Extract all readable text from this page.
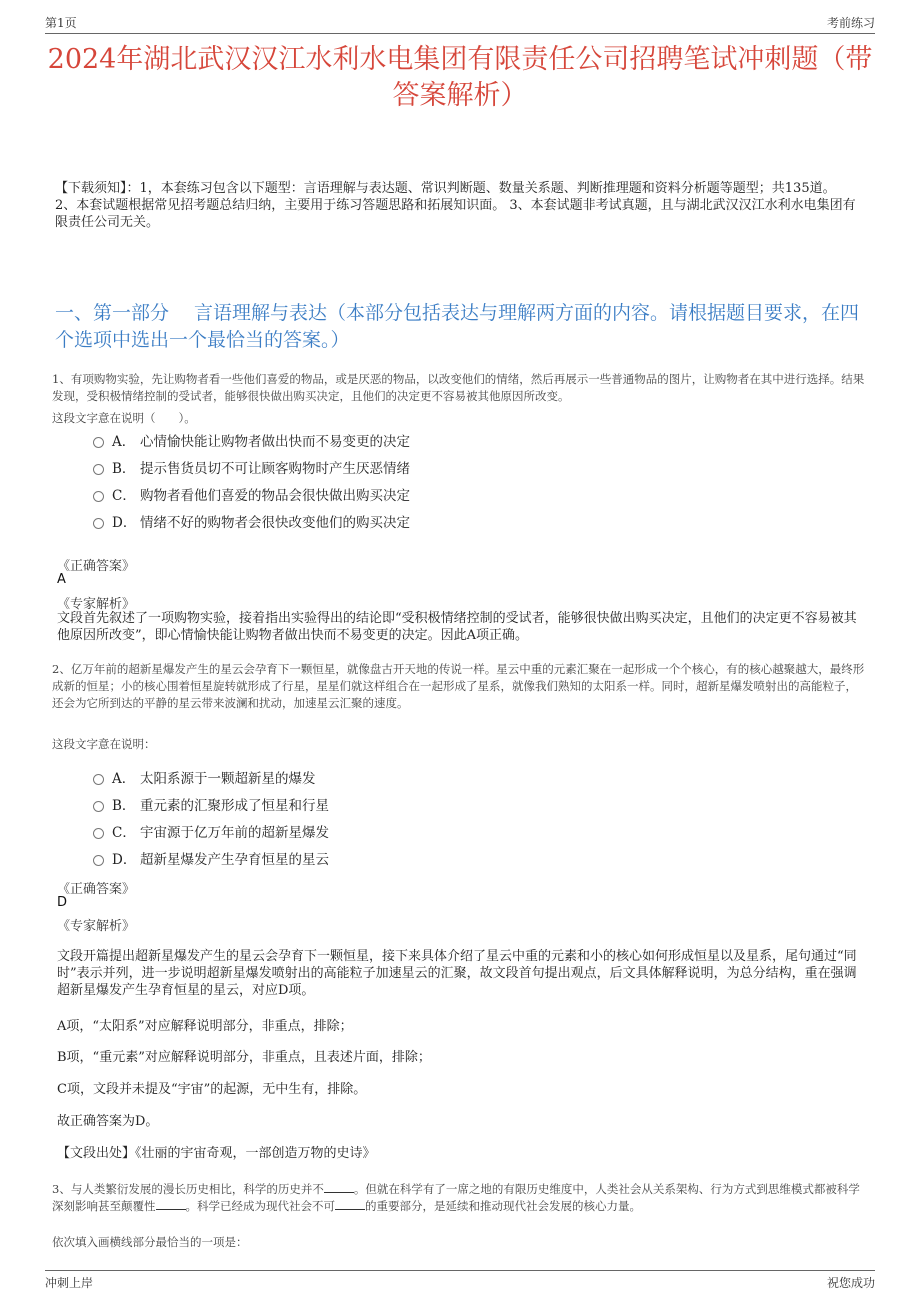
第1页	考前练习
2024年湖北武汉汉江水利水电集团有限责任公司招聘笔试冲刺题（带答案解析）
【下载须知】：1，本套练习包含以下题型：言语理解与表达题、常识判断题、数量关系题、判断推理题和资料分析题等题型；共135道。 2、本套试题根据常见招考题总结归纳，主要用于练习答题思路和拓展知识面。 3、本套试题非考试真题，且与湖北武汉汉江水利水电集团有限责任公司无关。
一、第一部分　 言语理解与表达（本部分包括表达与理解两方面的内容。请根据题目要求，在四个选项中选出一个最恰当的答案。）
1、有项购物实验，先让购物者看一些他们喜爱的物品，或是厌恶的物品，以改变他们的情绪，然后再展示一些普通物品的图片，让购物者在其中进行选择。结果发现，受积极情绪控制的受试者，能够很快做出购买决定，且他们的决定更不容易被其他原因所改变。
这段文字意在说明（　　）。
A． 心情愉快能让购物者做出快而不易变更的决定
B． 提示售货员切不可让顾客购物时产生厌恶情绪
C． 购物者看他们喜爱的物品会很快做出购买决定
D． 情绪不好的购物者会很快改变他们的购买决定
《正确答案》
A
《专家解析》
文段首先叙述了一项购物实验，接着指出实验得出的结论即“受积极情绪控制的受试者，能够很快做出购买决定，且他们的决定更不容易被其他原因所改变”，即心情愉快能让购物者做出快而不易变更的决定。因此A项正确。
2、亿万年前的超新星爆发产生的星云会孕育下一颗恒星，就像盘古开天地的传说一样。星云中重的元素汇聚在一起形成一个个核心，有的核心越聚越大，最终形成新的恒星；小的核心围着恒星旋转就形成了行星，星星们就这样组合在一起形成了星系，就像我们熟知的太阳系一样。同时，超新星爆发喷射出的高能粒子，还会为它所到达的平静的星云带来波澜和扰动，加速星云汇聚的速度。
这段文字意在说明：
A． 太阳系源于一颗超新星的爆发
B． 重元素的汇聚形成了恒星和行星
C． 宇宙源于亿万年前的超新星爆发
D． 超新星爆发产生孕育恒星的星云
《正确答案》
D
《专家解析》
文段开篇提出超新星爆发产生的星云会孕育下一颗恒星，接下来具体介绍了星云中重的元素和小的核心如何形成恒星以及星系，尾句通过“同时”表示并列，进一步说明超新星爆发喷射出的高能粒子加速星云的汇聚，故文段首句提出观点，后文具体解释说明，为总分结构，重在强调超新星爆发产生孕育恒星的星云，对应D项。
A项，“太阳系”对应解释说明部分，非重点，排除；
B项，“重元素”对应解释说明部分，非重点，且表述片面，排除；
C项，文段并未提及“宇宙”的起源，无中生有，排除。
故正确答案为D。
【文段出处】《壮丽的宇宙奇观，一部创造万物的史诗》
3、与人类繁衍发展的漫长历史相比，科学的历史并不	。但就在科学有了一席之地的有限历史维度中，人类社会从关系架构、行为方式到思维模式都被科学深刻影响甚至颠覆性	。科学已经成为现代社会不可	的重要部分，是延续和推动现代社会发展的核心力量。
依次填入画横线部分最恰当的一项是：
冲刺上岸	祝您成功
